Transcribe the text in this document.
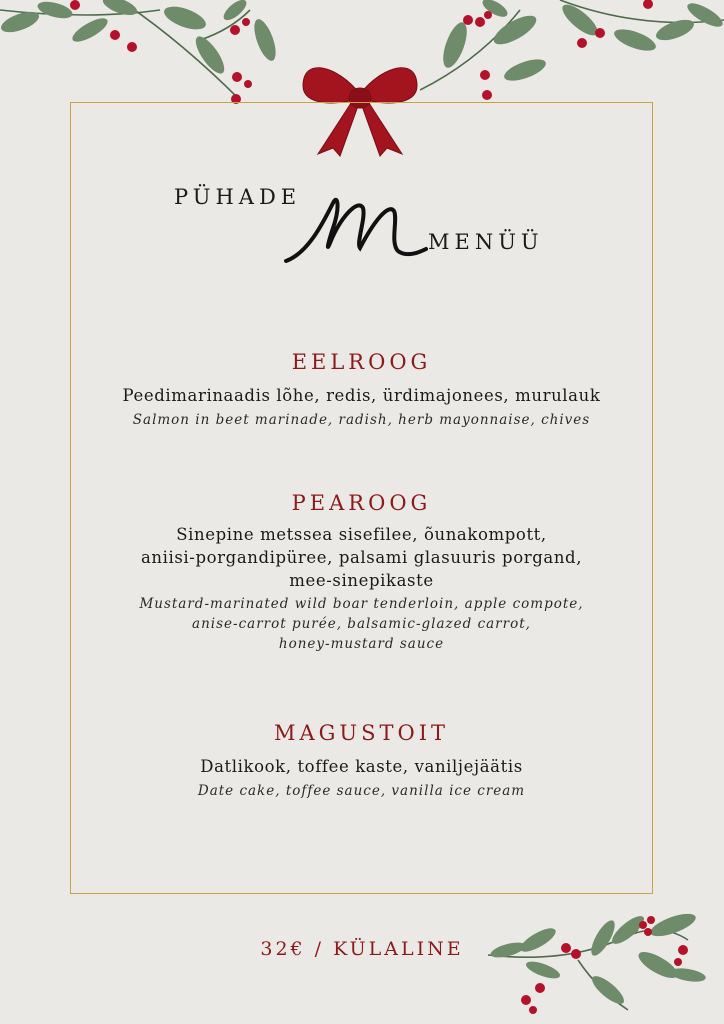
PÜHADE
MENÜÜ
EELROOG
Peedimarinaadis lõhe, redis, ürdimajonees, murulauk
Salmon in beet marinade, radish, herb mayonnaise, chives
PEAROOG
Sinepine metssea sisefilee, õunakompott,
aniisi-porgandipüree, palsami glasuuris porgand,
mee-sinepikaste
Mustard-marinated wild boar tenderloin, apple compote,
anise-carrot purée, balsamic-glazed carrot,
honey-mustard sauce
MAGUSTOIT
Datlikook, toffee kaste, vaniljejäätis
Date cake, toffee sauce, vanilla ice cream
32€ / KÜLALINE
